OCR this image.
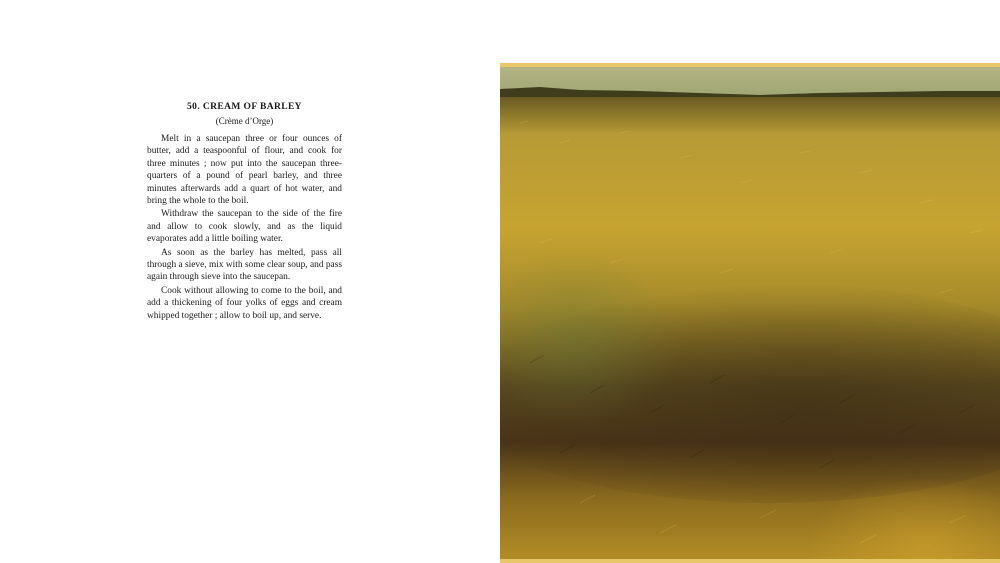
50. CREAM OF BARLEY

(Crème d’Orge)

Melt in a saucepan three or four ounces of butter, add a teaspoonful of flour, and cook for three minutes ; now put into the saucepan three-quarters of a pound of pearl barley, and three minutes afterwards add a quart of hot water, and bring the whole to the boil.

Withdraw the saucepan to the side of the fire and allow to cook slowly, and as the liquid evaporates add a little boiling water.

As soon as the barley has melted, pass all through a sieve, mix with some clear soup, and pass again through sieve into the saucepan.

Cook without allowing to come to the boil, and add a thickening of four yolks of eggs and cream whipped together ; allow to boil up, and serve.
